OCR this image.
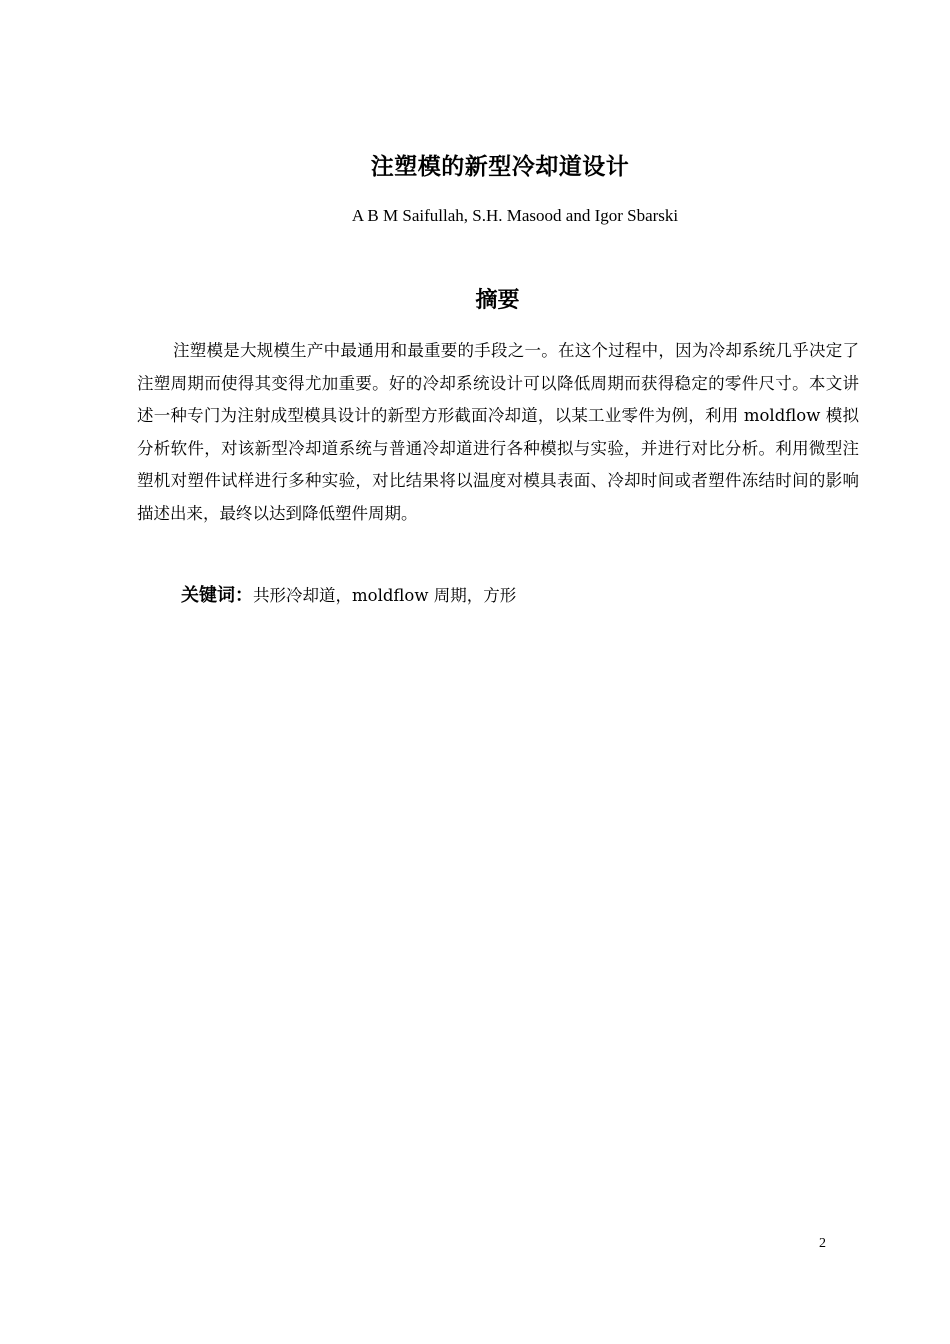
注塑模的新型冷却道设计
A B M Saifullah, S.H. Masood and Igor Sbarski
摘要

注塑模是大规模生产中最通用和最重要的手段之一。在这个过程中，因为冷却系统几乎决定了注塑周期而使得其变得尤加重要。好的冷却系统设计可以降低周期而获得稳定的零件尺寸。本文讲述一种专门为注射成型模具设计的新型方形截面冷却道，以某工业零件为例，利用 moldflow 模拟分析软件，对该新型冷却道系统与普通冷却道进行各种模拟与实验，并进行对比分析。利用微型注塑机对塑件试样进行多种实验，对比结果将以温度对模具表面、冷却时间或者塑件冻结时间的影响描述出来，最终以达到降低塑件周期。

关键词：共形冷却道，moldflow 周期，方形
2
